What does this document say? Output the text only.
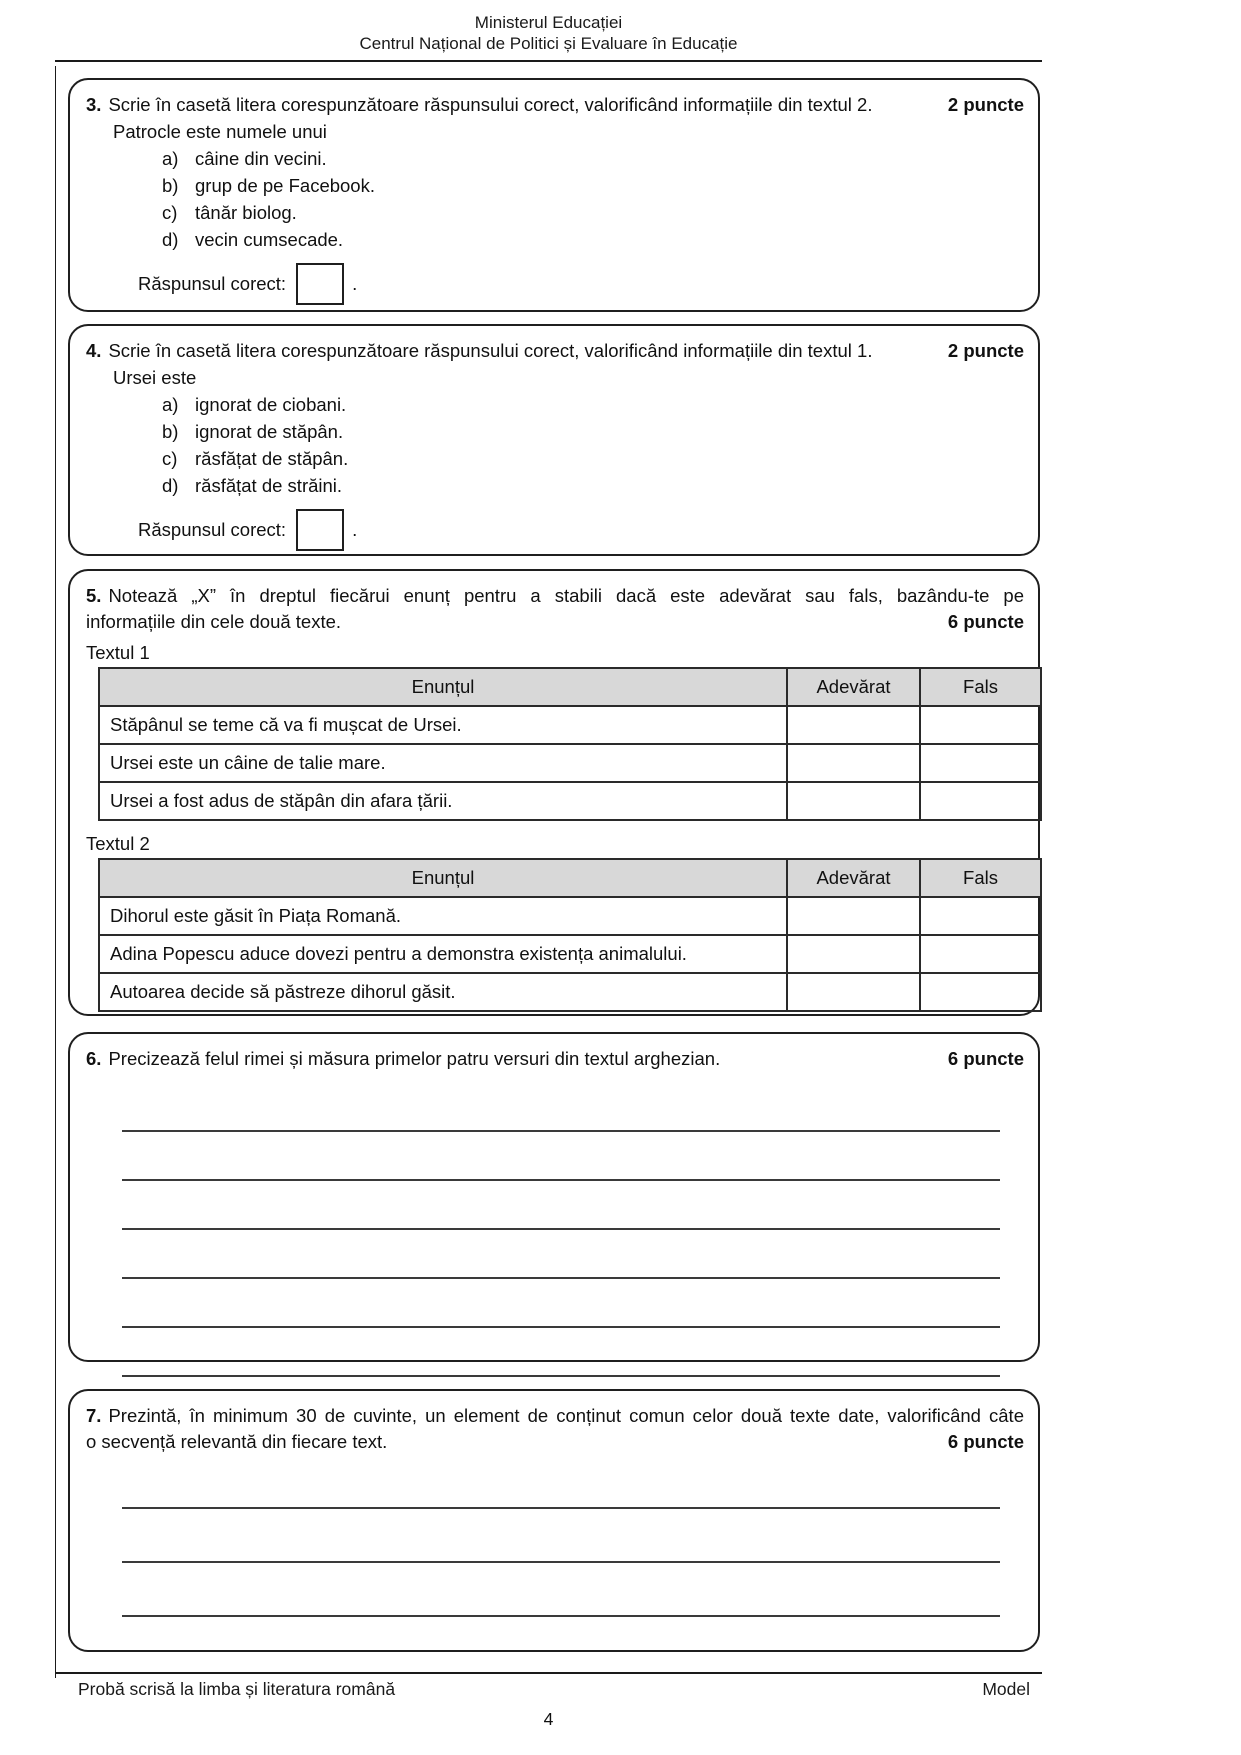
Ministerul Educației
Centrul Național de Politici și Evaluare în Educație
3. Scrie în casetă litera corespunzătoare răspunsului corect, valorificând informațiile din textul 2.	2 puncte
Patrocle este numele unui
a) câine din vecini.
b) grup de pe Facebook.
c) tânăr biolog.
d) vecin cumsecade.
Răspunsul corect:	.
4. Scrie în casetă litera corespunzătoare răspunsului corect, valorificând informațiile din textul 1.	2 puncte
Ursei este
a) ignorat de ciobani.
b) ignorat de stăpân.
c) răsfățat de stăpân.
d) răsfățat de străini.
Răspunsul corect:	.
5. Notează „X” în dreptul fiecărui enunț pentru a stabili dacă este adevărat sau fals, bazându-te pe
informațiile din cele două texte.	6 puncte
Textul 1
Enunțul	Adevărat	Fals
Stăpânul se teme că va fi mușcat de Ursei.		
Ursei este un câine de talie mare.		
Ursei a fost adus de stăpân din afara țării.		
Textul 2
Enunțul	Adevărat	Fals
Dihorul este găsit în Piața Romană.		
Adina Popescu aduce dovezi pentru a demonstra existența animalului.		
Autoarea decide să păstreze dihorul găsit.		
6. Precizează felul rimei și măsura primelor patru versuri din textul arghezian.	6 puncte
7. Prezintă, în minimum 30 de cuvinte, un element de conținut comun celor două texte date, valorificând câte
o secvență relevantă din fiecare text.	6 puncte
Probă scrisă la limba și literatura română	Model
4
